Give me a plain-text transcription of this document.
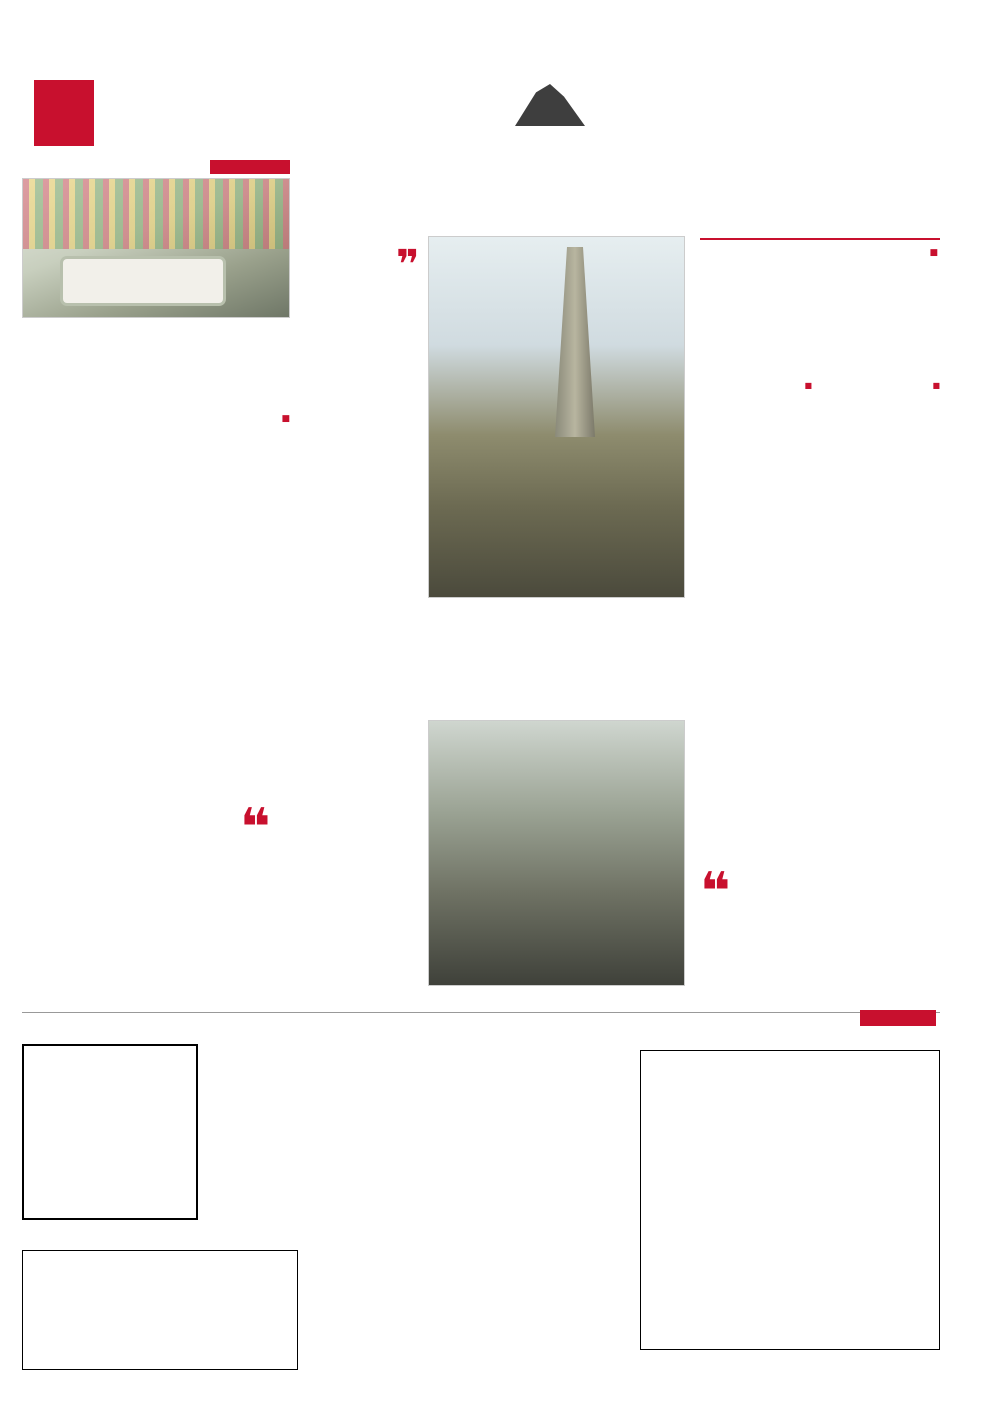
■
❝
■
❞
■
■
❝
